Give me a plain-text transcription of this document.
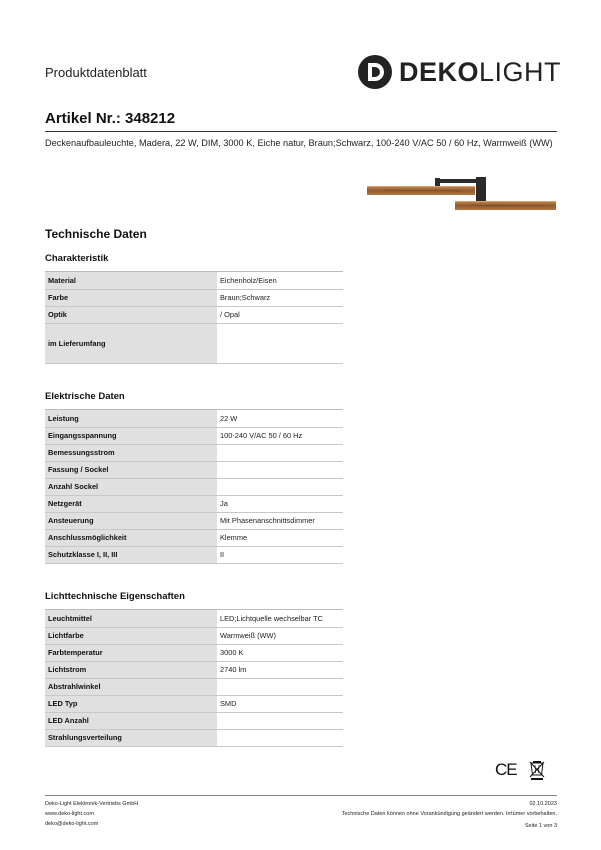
Produktdatenblatt	DEKOLIGHT
Artikel Nr.: 348212
Deckenaufbauleuchte, Madera, 22 W, DIM, 3000 K, Eiche natur, Braun;Schwarz, 100-240 V/AC 50 / 60 Hz, Warmweiß (WW)
Technische Daten
Charakteristik
Material	Eichenholz/Eisen
Farbe	Braun;Schwarz
Optik	/ Opal
im Lieferumfang	
Elektrische Daten
Leistung	22 W
Eingangsspannung	100-240 V/AC 50 / 60 Hz
Bemessungsstrom	
Fassung / Sockel	
Anzahl Sockel	
Netzgerät	Ja
Ansteuerung	Mit Phasenanschnittsdimmer
Anschlussmöglichkeit	Klemme
Schutzklasse I, II, III	II
Lichttechnische Eigenschaften
Leuchtmittel	LED;Lichtquelle wechselbar TC
Lichtfarbe	Warmweiß (WW)
Farbtemperatur	3000 K
Lichtstrom	2740 lm
Abstrahlwinkel	
LED Typ	SMD
LED Anzahl	
Strahlungsverteilung	
CE
Deko-Light Elektronik-Vertriebs GmbH
www.deko-light.com
deko@deko-light.com
02.10.2023
Technische Daten können ohne Vorankündigung geändert werden. Irrtümer vorbehalten.
Seite 1 von 3
